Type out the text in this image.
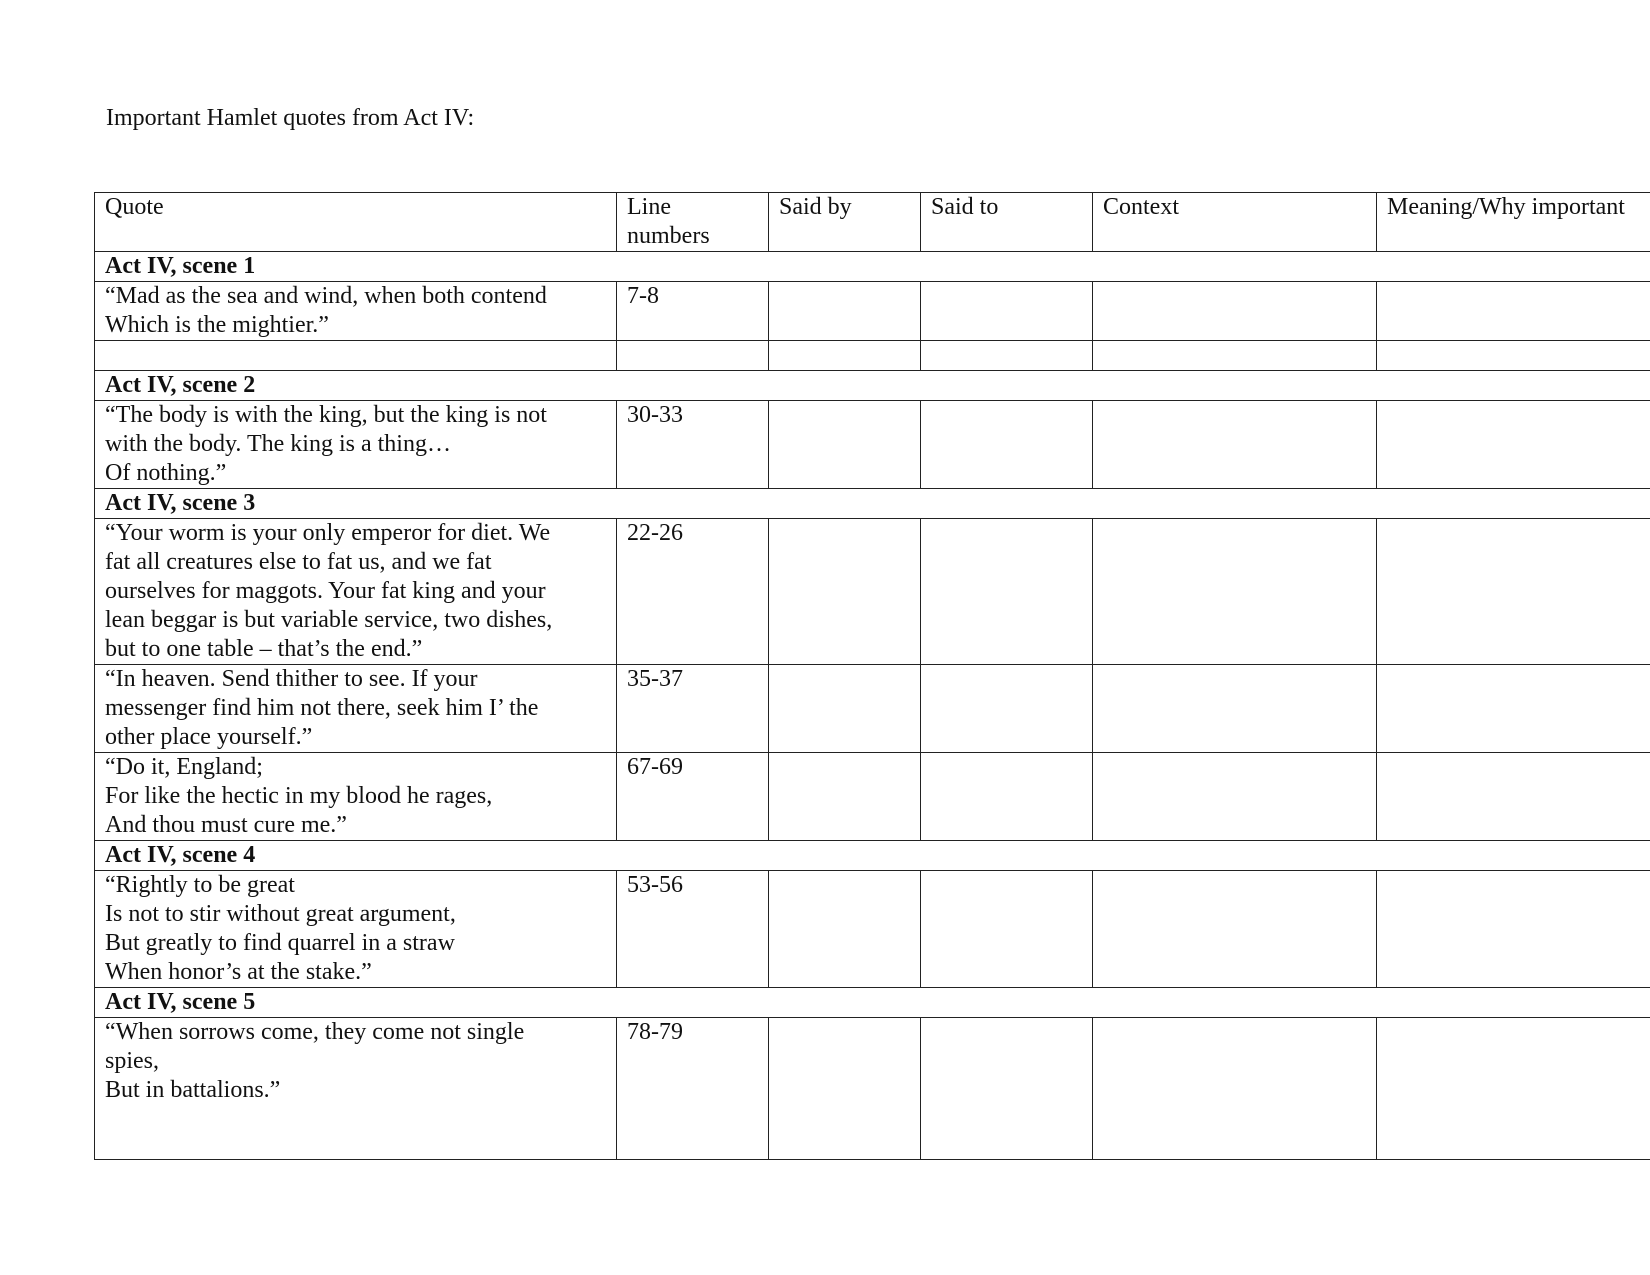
Important Hamlet quotes from Act IV:
Quote	Line
numbers	Said by	Said to	Context	Meaning/Why important
Act IV, scene 1					

“Mad as the sea and wind, when both contend
Which is the mightier.”	7-8				

Act IV, scene 2					

“The body is with the king, but the king is not
with the body. The king is a thing…
Of nothing.”	30-33				
Act IV, scene 3					

“Your worm is your only emperor for diet. We
fat all creatures else to fat us, and we fat
ourselves for maggots. Your fat king and your
lean beggar is but variable service, two dishes,
but to one table – that’s the end.”	22-26				

“In heaven. Send thither to see. If your
messenger find him not there, seek him I’ the
other place yourself.”	35-37				

“Do it, England;
For like the hectic in my blood he rages,
And thou must cure me.”	67-69				
Act IV, scene 4					

“Rightly to be great
Is not to stir without great argument,
But greatly to find quarrel in a straw
When honor’s at the stake.”	53-56				
Act IV, scene 5					

“When sorrows come, they come not single
spies,
But in battalions.”	78-79				
